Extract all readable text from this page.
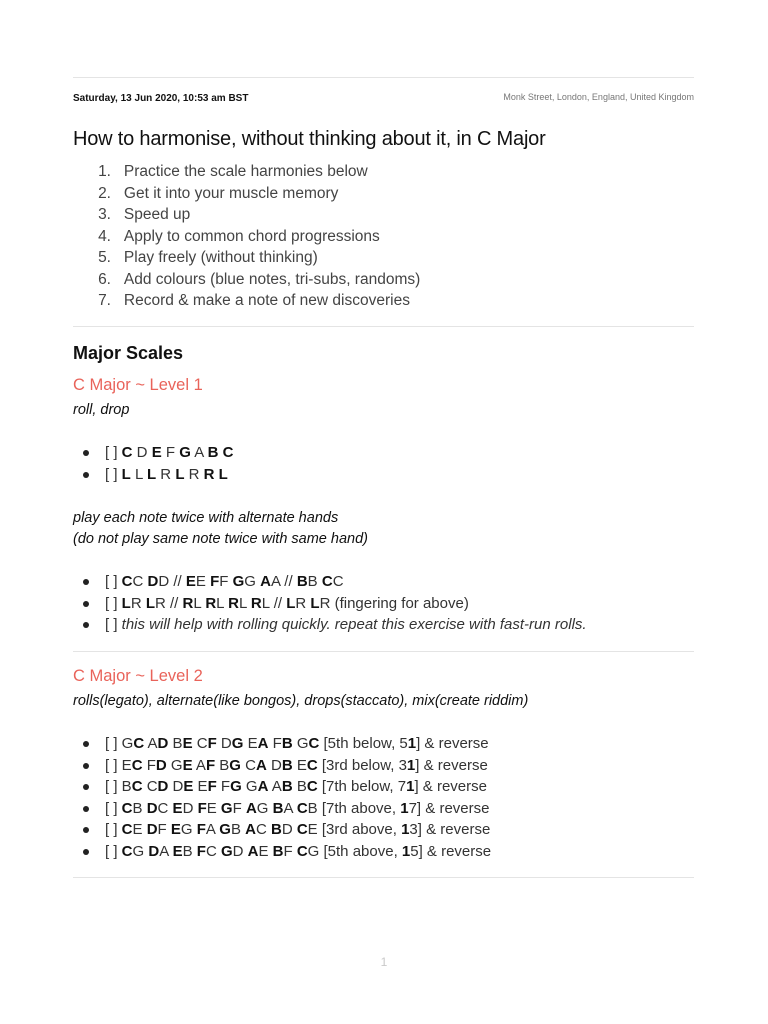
Saturday, 13 Jun 2020, 10:53 am BST	Monk Street, London, England, United Kingdom
How to harmonise, without thinking about it, in C Major
1. Practice the scale harmonies below
2. Get it into your muscle memory
3. Speed up
4. Apply to common chord progressions
5. Play freely (without thinking)
6. Add colours (blue notes, tri-subs, randoms)
7. Record & make a note of new discoveries
Major Scales
C Major ~ Level 1
roll, drop
[ ] C D E F G A B C
[ ] L L L R L R R L
play each note twice with alternate hands
(do not play same note twice with same hand)
[ ] CC DD // EE FF GG AA // BB CC
[ ] LR LR // RL RL RL RL // LR LR (fingering for above)
[ ] this will help with rolling quickly. repeat this exercise with fast-run rolls.
C Major ~ Level 2
rolls(legato), alternate(like bongos), drops(staccato), mix(create riddim)
[ ] GC AD BE CF DG EA FB GC [5th below, 51] & reverse
[ ] EC FD GE AF BG CA DB EC [3rd below, 31] & reverse
[ ] BC CD DE EF FG GA AB BC [7th below, 71] & reverse
[ ] CB DC ED FE GF AG BA CB [7th above, 17] & reverse
[ ] CE DF EG FA GB AC BD CE [3rd above, 13] & reverse
[ ] CG DA EB FC GD AE BF CG [5th above, 15] & reverse
1
